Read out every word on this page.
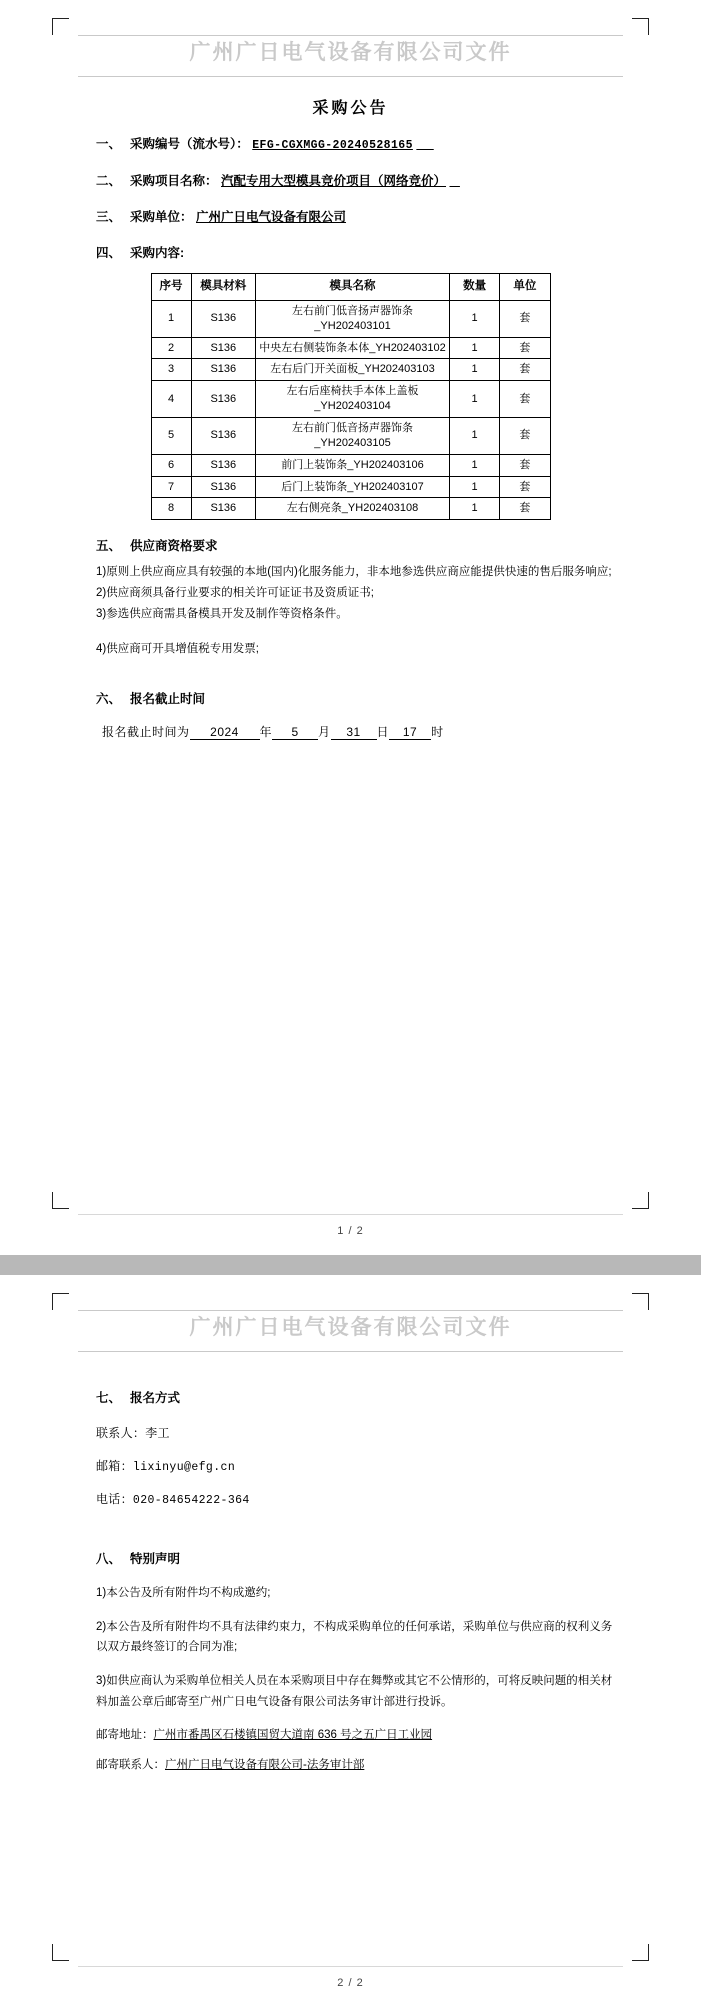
广州广日电气设备有限公司文件
采购公告
一、 采购编号（流水号）： EFG-CGXMGG-20240528165
二、 采购项目名称： 汽配专用大型模具竞价项目（网络竞价）
三、 采购单位： 广州广日电气设备有限公司
四、 采购内容:
序号	模具材料	模具名称	数量	单位
1	S136	左右前门低音扬声器饰条_YH202403101	1	套
2	S136	中央左右侧装饰条本体_YH202403102	1	套
3	S136	左右后门开关面板_YH202403103	1	套
4	S136	左右后座椅扶手本体上盖板_YH202403104	1	套
5	S136	左右前门低音扬声器饰条_YH202403105	1	套
6	S136	前门上装饰条_YH202403106	1	套
7	S136	后门上装饰条_YH202403107	1	套
8	S136	左右侧亮条_YH202403108	1	套
五、 供应商资格要求
1)原则上供应商应具有较强的本地(国内)化服务能力，非本地参选供应商应能提供快速的售后服务响应;
2)供应商须具备行业要求的相关许可证证书及资质证书;
3)参选供应商需具备模具开发及制作等资格条件。
4)供应商可开具增值税专用发票;
六、 报名截止时间
报名截止时间为 2024 年 5 月 31 日 17 时
1 / 2
广州广日电气设备有限公司文件
七、 报名方式
联系人：李工
邮箱：lixinyu@efg.cn
电话：020-84654222-364
八、 特别声明
1)本公告及所有附件均不构成邀约;
2)本公告及所有附件均不具有法律约束力，不构成采购单位的任何承诺，采购单位与供应商的权利义务以双方最终签订的合同为准;
3)如供应商认为采购单位相关人员在本采购项目中存在舞弊或其它不公情形的，可将反映问题的相关材料加盖公章后邮寄至广州广日电气设备有限公司法务审计部进行投诉。
邮寄地址：广州市番禺区石楼镇国贸大道南 636 号之五广日工业园
邮寄联系人：广州广日电气设备有限公司-法务审计部
2 / 2
